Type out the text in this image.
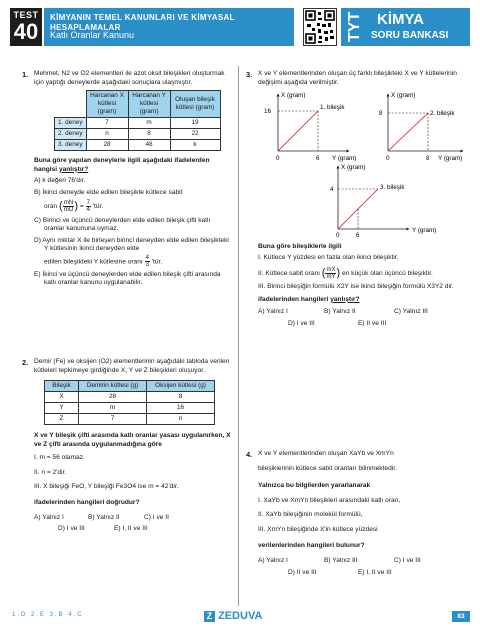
TEST
40
KİMYANIN TEMEL KANUNLARI VE KİMYASAL HESAPLAMALAR
Katlı Oranlar Kanunu	TYT KİMYA
SORU BANKASI
1. Mehmet, N2 ve O2 elementleri ile azot oksit bileşikleri oluşturmak için yaptığı deneylerde aşağıdaki sonuçlara ulaşmıştır.
	Harcanan X kütlesi (gram)	Harcanan Y kütlesi (gram)	Oluşan bileşik kütlesi (gram)
1. deney	7	m	19
2. deney	n	8	22
3. deney	28	48	k
Buna göre yapılan deneylerle ilgili aşağıdaki ifadelerden hangisi yanlıştır?
A) k değeri 76'dır.
B) İkinci deneyde elde edilen bileşikte kütlece sabit
oran ( $\frac{mN}{mO}$ ) = $\frac{7}{4}$ 'tür.
C) Birinci ve üçüncü deneylerden elde edilen bileşik çifti katlı oranlar kanununa uymaz.
D) Aynı miktar X ile birleşen birinci deneyden elde edilen bileşikteki Y kütlesinin ikinci deneyden elde
edilen bileşikteki Y kütlesine oranı $\frac{4}{3}$ 'tür.
E) İkinci ve üçüncü deneylerden elde edilen bileşik çifti arasında katlı oranlar kanunu uygulanabilir.
2. Demir (Fe) ve oksijen (O2) elementlerinin aşağıdaki tabloda verilen kütleleri tepkimeye girdiğinde X, Y ve Z bileşikleri oluşuyor.
Bileşik	Demirin kütlesi (g)	Oksijen kütlesi (g)
X	28	8
Y	m	16
Z	7	n
X ve Y bileşik çifti arasında katlı oranlar yasası uygulanırken, X ve Z çifti arasında uygulanmadığına göre
I. m = 56 olamaz.
II. n = 2'dir.
III. X bileşiği FeO, Y bileşiği Fe3O4 ise m = 42'dir.
ifadelerinden hangileri doğrudur?
A) Yalnız I	B) Yalnız II	C) I ve II
D) I ve III	E) I, II ve III
3. X ve Y elementlerinden oluşan üç farklı bileşikteki X ve Y kütlelerinin değişimi aşağıda verilmiştir.
X (gram)
16
0	6 Y (gram)
1. bileşik
X (gram)
8
0	8 Y (gram)
2. bileşik
X (gram)
4
0	6
Y (gram)
3. bileşik
Buna göre bileşiklerle ilgili
I. Kütlece Y yüzdesi en fazla olan ikinci bileşiktir.
II. Kütlece sabit oranı ( $\frac{mX}{mY}$ ) en küçük olan üçüncü bileşiktir.
III. Birinci bileşiğin formülü X2Y ise ikinci bileşiğin formülü X3Y2 dir.
ifadelerinden hangileri yanlıştır?
A) Yalnız I	B) Yalnız II	C) Yalnız III
D) I ve III	E) II ve III
4. X ve Y elementlerinden oluşan XaYb ve XmYn
bileşiklerinin kütlece sabit oranları bilinmektedir.
Yalnızca bu bilgilerden yararlanarak
I. XaYb ve XmYn bileşikleri arasındaki katlı oran,
II. XaYb bileşiğinin molekül formülü,
III. XmYn bileşiğinde X'in kütlece yüzdesi
verilenlerinden hangileri bulunur?
A) Yalnız I	B) Yalnız III	C) I ve III
D) II ve III	E) I, II ve III
1.D 2.E 3.B 4.C	Z ZEDUVA	83
